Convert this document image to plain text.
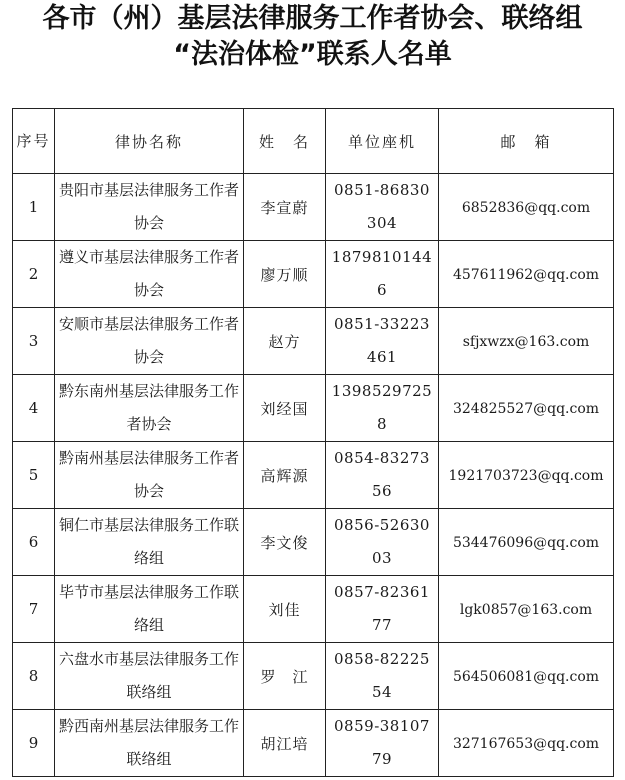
各市（州）基层法律服务工作者协会、联络组
“法治体检”联系人名单
序号	律协名称	姓　名	单位座机	邮　箱
1	贵阳市基层法律服务工作者协会	李宣蔚	0851-86830304	6852836@qq.com
2	遵义市基层法律服务工作者协会	廖万顺	18798101446	457611962@qq.com
3	安顺市基层法律服务工作者协会	赵方	0851-33223461	sfjxwzx@163.com
4	黔东南州基层法律服务工作者协会	刘经国	13985297258	324825527@qq.com
5	黔南州基层法律服务工作者协会	高辉源	0854-8327356	1921703723@qq.com
6	铜仁市基层法律服务工作联络组	李文俊	0856-5263003	534476096@qq.com
7	毕节市基层法律服务工作联络组	刘佳	0857-8236177	lgk0857@163.com
8	六盘水市基层法律服务工作联络组	罗　江	0858-8222554	564506081@qq.com
9	黔西南州基层法律服务工作联络组	胡江培	0859-3810779	327167653@qq.com
